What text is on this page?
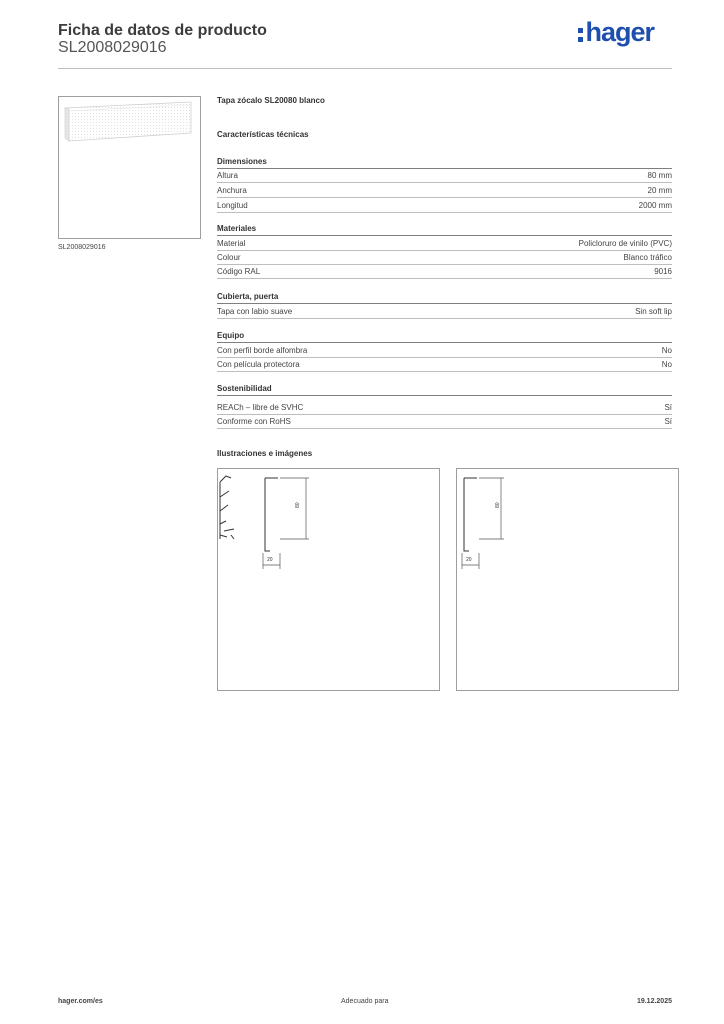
Ficha de datos de producto
SL2008029016
hager
SL2008029016
Tapa zócalo SL20080 blanco
Características técnicas
Dimensiones
Altura	80 mm
Anchura	20 mm
Longitud	2000 mm
Materiales
Material	Policloruro de vinilo (PVC)
Colour	Blanco tráfico
Código RAL	9016
Cubierta, puerta
Tapa con labio suave	Sin soft lip
Equipo
Con perfil borde alfombra	No
Con película protectora	No
Sostenibilidad
REACh – libre de SVHC	Sí
Conforme con RoHS	Sí
Ilustraciones e imágenes
80
20
80
20
hager.com/es	Adecuado para	19.12.2025
